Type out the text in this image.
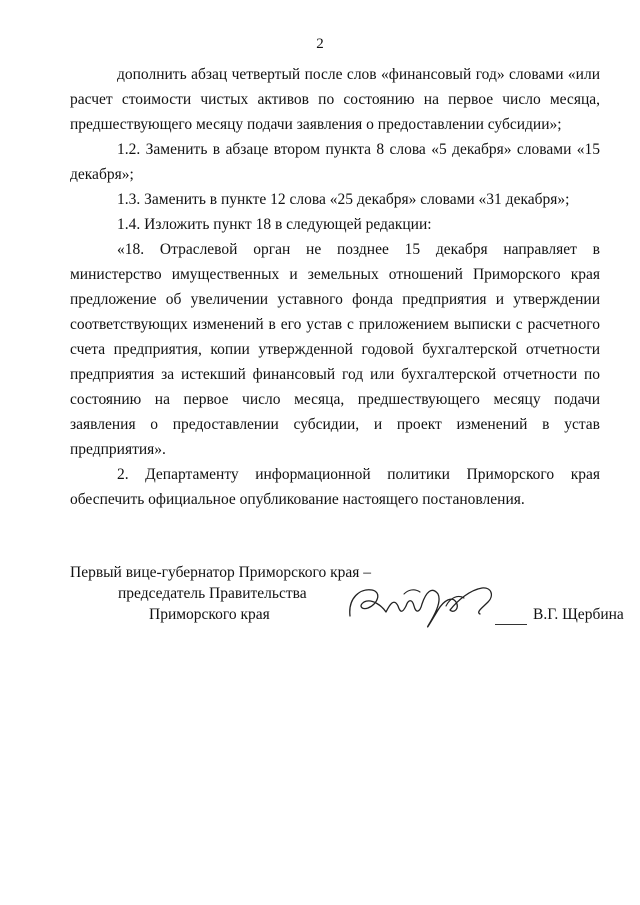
2

дополнить абзац четвертый после слов «финансовый год» словами «или расчет стоимости чистых активов по состоянию на первое число месяца, предшествующего месяцу подачи заявления о предоставлении субсидии»;

1.2. Заменить в абзаце втором пункта 8 слова «5 декабря» словами «15 декабря»;

1.3. Заменить в пункте 12 слова «25 декабря» словами «31 декабря»;

1.4. Изложить пункт 18 в следующей редакции:

«18. Отраслевой орган не позднее 15 декабря направляет в министерство имущественных и земельных отношений Приморского края предложение об увеличении уставного фонда предприятия и утверждении соответствующих изменений в его устав с приложением выписки с расчетного счета предприятия, копии утвержденной годовой бухгалтерской отчетности предприятия за истекший финансовый год или бухгалтерской отчетности по состоянию на первое число месяца, предшествующего месяцу подачи заявления о предоставлении субсидии, и проект изменений в устав предприятия».

2. Департаменту информационной политики Приморского края обеспечить официальное опубликование настоящего постановления.

Первый вице-губернатор Приморского края –
председатель Правительства
Приморского края	В.Г. Щербина
